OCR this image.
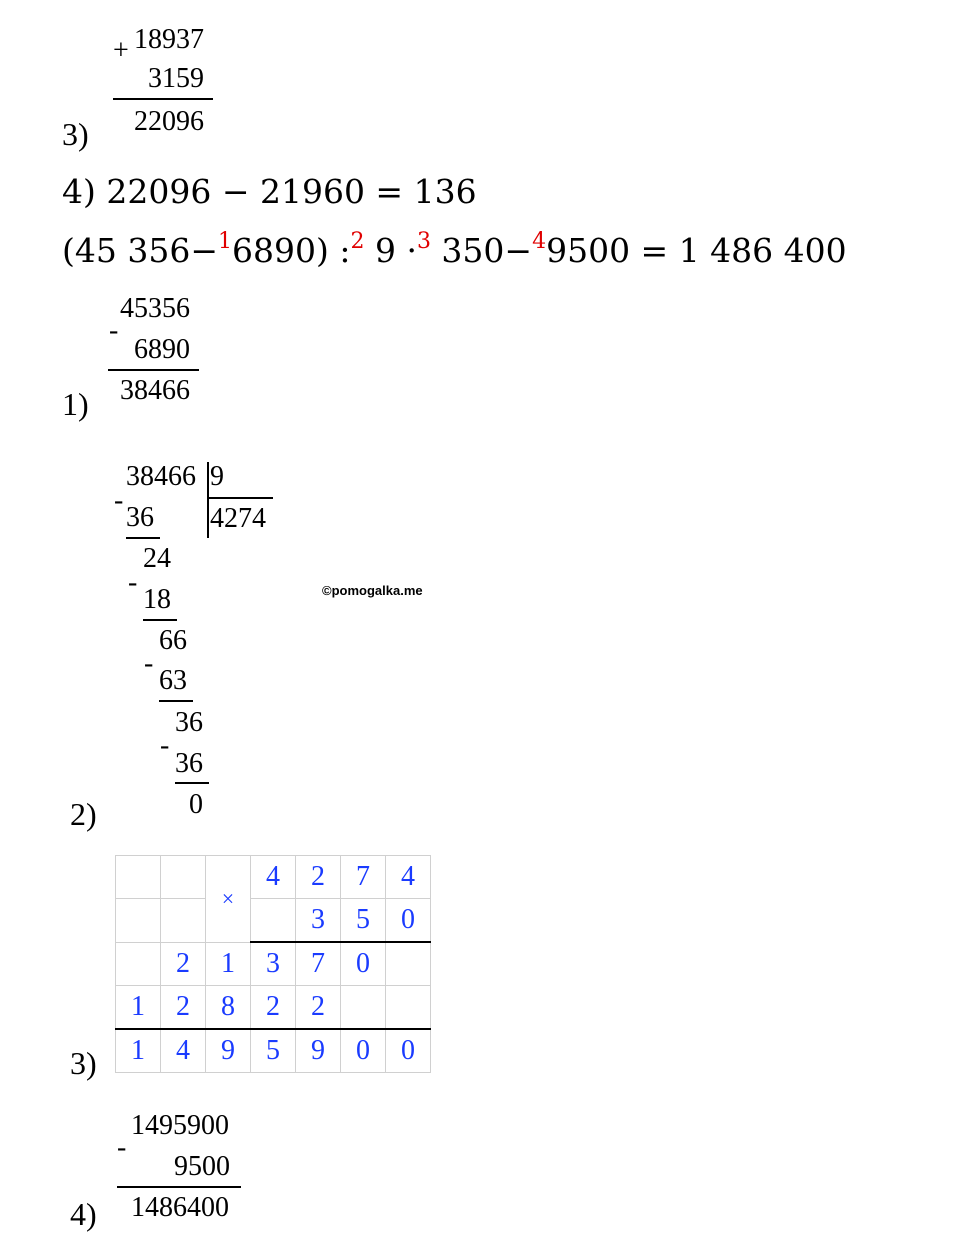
+ 18937
3159
22096
3)
4) 22096 − 21960 = 136
(45 356−$^1$6890) :$^2$ 9 ·$^3$ 350−$^4$9500 = 1 486 400
45356
-
6890
38466
1)
38466 9
4274
-
36
24
-
18
66
-
63
36
-
36
0
2)
©pomogalka.me
		×	4	2	7	4
				3	5	0
	2	1	3	7	0	
1	2	8	2	2		
1	4	9	5	9	0	0
3)
1495900
-
9500
1486400
4)
